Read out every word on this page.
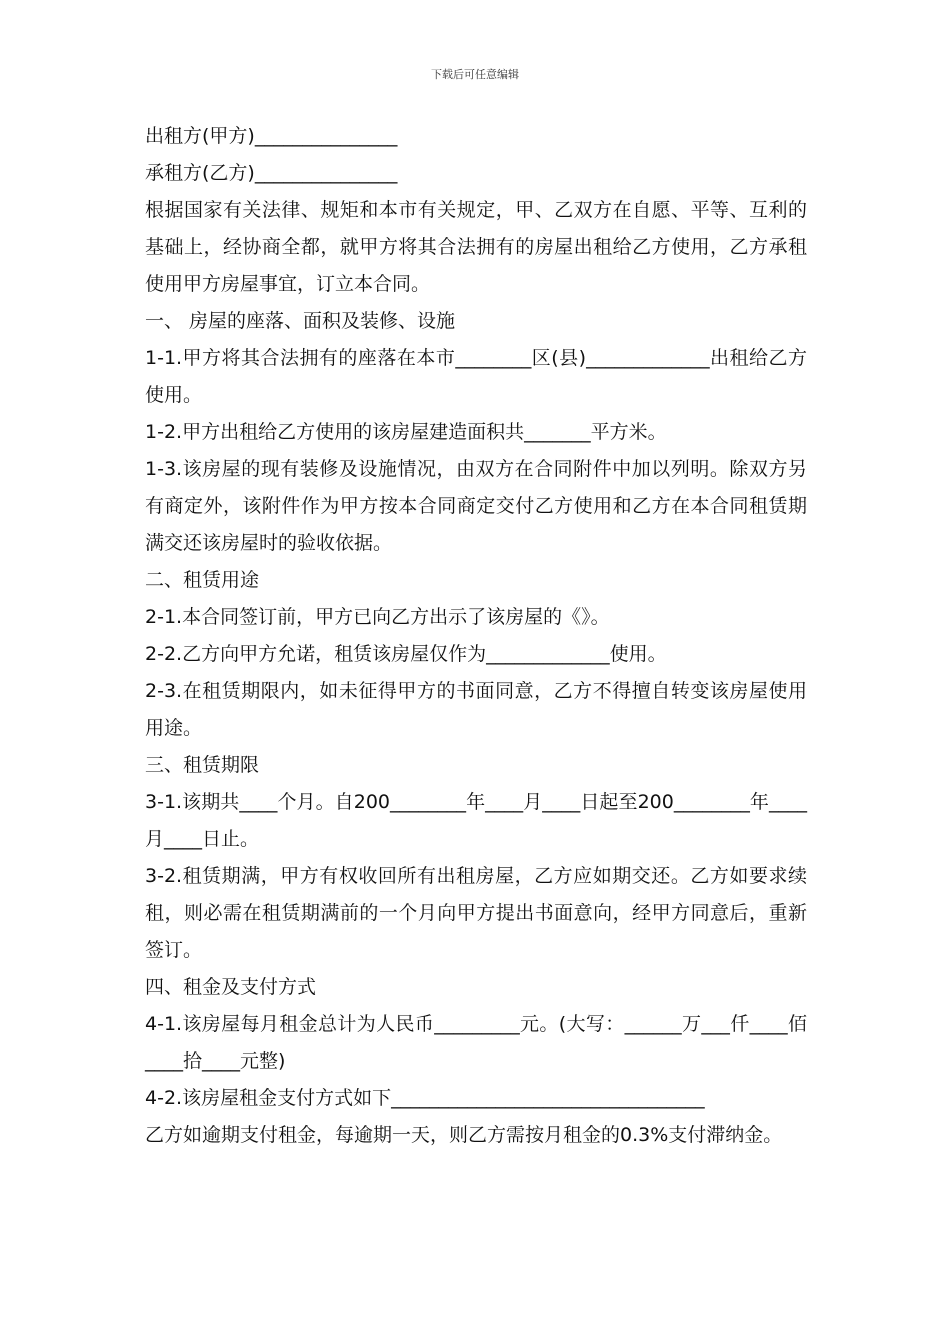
下载后可任意编辑

出租方(甲方)_______________

承租方(乙方)_______________

根据国家有关法律、规矩和本市有关规定，甲、乙双方在自愿、平等、互利的基础上，经协商全都，就甲方将其合法拥有的房屋出租给乙方使用，乙方承租使用甲方房屋事宜，订立本合同。

一、 房屋的座落、面积及装修、设施

1-1.甲方将其合法拥有的座落在本市________区(县)_____________出租给乙方使用。

1-2.甲方出租给乙方使用的该房屋建造面积共_______平方米。

1-3.该房屋的现有装修及设施情况，由双方在合同附件中加以列明。除双方另有商定外，该附件作为甲方按本合同商定交付乙方使用和乙方在本合同租赁期满交还该房屋时的验收依据。

二、租赁用途

2-1.本合同签订前，甲方已向乙方出示了该房屋的《》。

2-2.乙方向甲方允诺，租赁该房屋仅作为_____________使用。

2-3.在租赁期限内，如未征得甲方的书面同意，乙方不得擅自转变该房屋使用用途。

三、租赁期限

3-1.该期共____个月。自200________年____月____日起至200________年____月____日止。

3-2.租赁期满，甲方有权收回所有出租房屋，乙方应如期交还。乙方如要求续租，则必需在租赁期满前的一个月向甲方提出书面意向，经甲方同意后，重新签订。

四、租金及支付方式

4-1.该房屋每月租金总计为人民币_________元。(大写：______万___仟____佰____拾____元整)

4-2.该房屋租金支付方式如下_________________________________

乙方如逾期支付租金，每逾期一天，则乙方需按月租金的0.3%支付滞纳金。
